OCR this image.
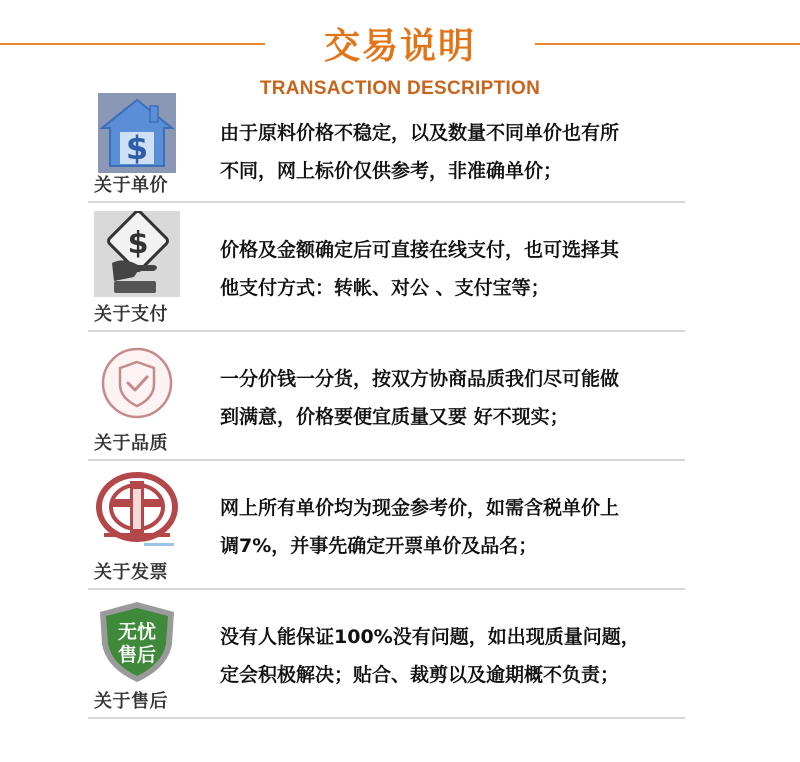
交易说明
TRANSACTION DESCRIPTION
$
关于单价
由于原料价格不稳定，以及数量不同单价也有所
不同，网上标价仅供参考，非准确单价；
$
关于支付
价格及金额确定后可直接在线支付，也可选择其
他支付方式：转帐、对公 、支付宝等；
关于品质
一分价钱一分货，按双方协商品质我们尽可能做
到满意，价格要便宜质量又要 好不现实；
关于发票
网上所有单价均为现金参考价，如需含税单价上
调7%，并事先确定开票单价及品名；
无忧
售后
关于售后
没有人能保证100%没有问题，如出现质量问题，
定会积极解决；贴合、裁剪以及逾期概不负责；
